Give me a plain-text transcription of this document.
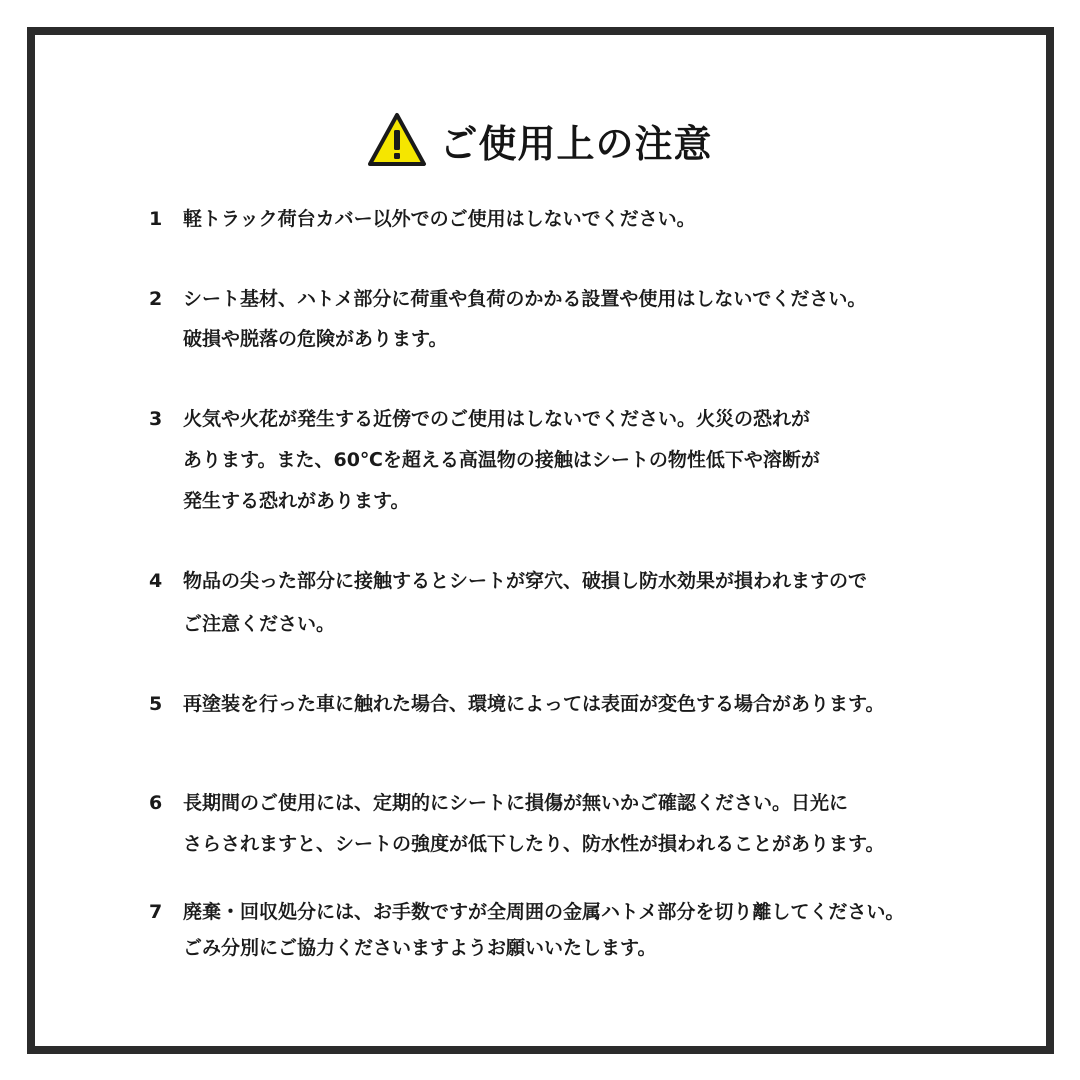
ご使用上の注意
1 軽トラック荷台カバー以外でのご使用はしないでください。
2 シート基材、ハトメ部分に荷重や負荷のかかる設置や使用はしないでください。
破損や脱落の危険があります。
3 火気や火花が発生する近傍でのご使用はしないでください。火災の恐れが
あります。また、60℃を超える高温物の接触はシートの物性低下や溶断が
発生する恐れがあります。
4 物品の尖った部分に接触するとシートが穿穴、破損し防水効果が損われますので
ご注意ください。
5 再塗装を行った車に触れた場合、環境によっては表面が変色する場合があります。
6 長期間のご使用には、定期的にシートに損傷が無いかご確認ください。日光に
さらされますと、シートの強度が低下したり、防水性が損われることがあります。
7 廃棄・回収処分には、お手数ですが全周囲の金属ハトメ部分を切り離してください。
ごみ分別にご協力くださいますようお願いいたします。
